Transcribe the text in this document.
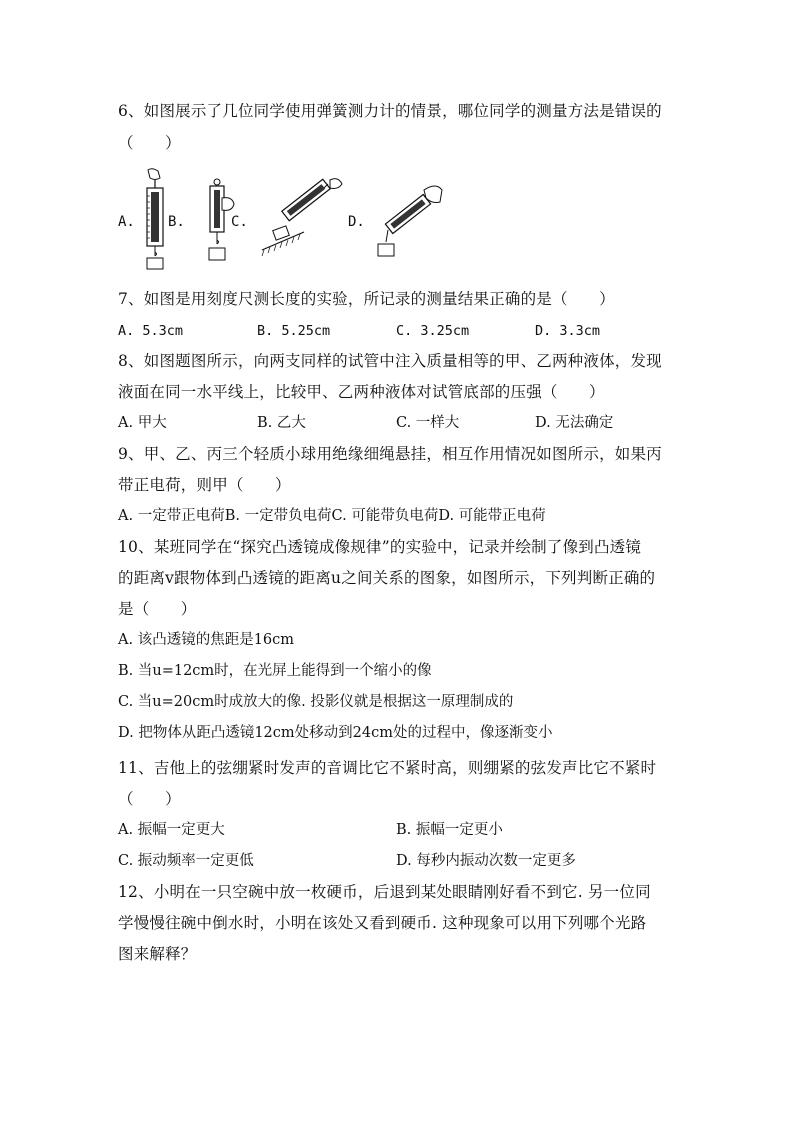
6、如图展示了几位同学使用弹簧测力计的情景，哪位同学的测量方法是错误的
（　　）
A. B.	C.	D.
7、如图是用刻度尺测长度的实验，所记录的测量结果正确的是（　　）
A. 5.3cm	B. 5.25cm	C. 3.25cm	D. 3.3cm
8、如图题图所示，向两支同样的试管中注入质量相等的甲、乙两种液体，发现
液面在同一水平线上，比较甲、乙两种液体对试管底部的压强（　　）
A. 甲大	B. 乙大	C. 一样大	D. 无法确定
9、甲、乙、丙三个轻质小球用绝缘细绳悬挂，相互作用情况如图所示，如果丙
带正电荷，则甲（　　）
A. 一定带正电荷B. 一定带负电荷C. 可能带负电荷D. 可能带正电荷
10、某班同学在“探究凸透镜成像规律”的实验中，记录并绘制了像到凸透镜
的距离v跟物体到凸透镜的距离u之间关系的图象，如图所示，下列判断正确的
是（　　）
A. 该凸透镜的焦距是16cm
B. 当u=12cm时，在光屏上能得到一个缩小的像
C. 当u=20cm时成放大的像. 投影仪就是根据这一原理制成的
D. 把物体从距凸透镜12cm处移动到24cm处的过程中，像逐渐变小
11、吉他上的弦绷紧时发声的音调比它不紧时高，则绷紧的弦发声比它不紧时
（　　）
A. 振幅一定更大	B. 振幅一定更小
C. 振动频率一定更低	D. 每秒内振动次数一定更多
12、小明在一只空碗中放一枚硬币，后退到某处眼睛刚好看不到它. 另一位同
学慢慢往碗中倒水时，小明在该处又看到硬币. 这种现象可以用下列哪个光路
图来解释？
